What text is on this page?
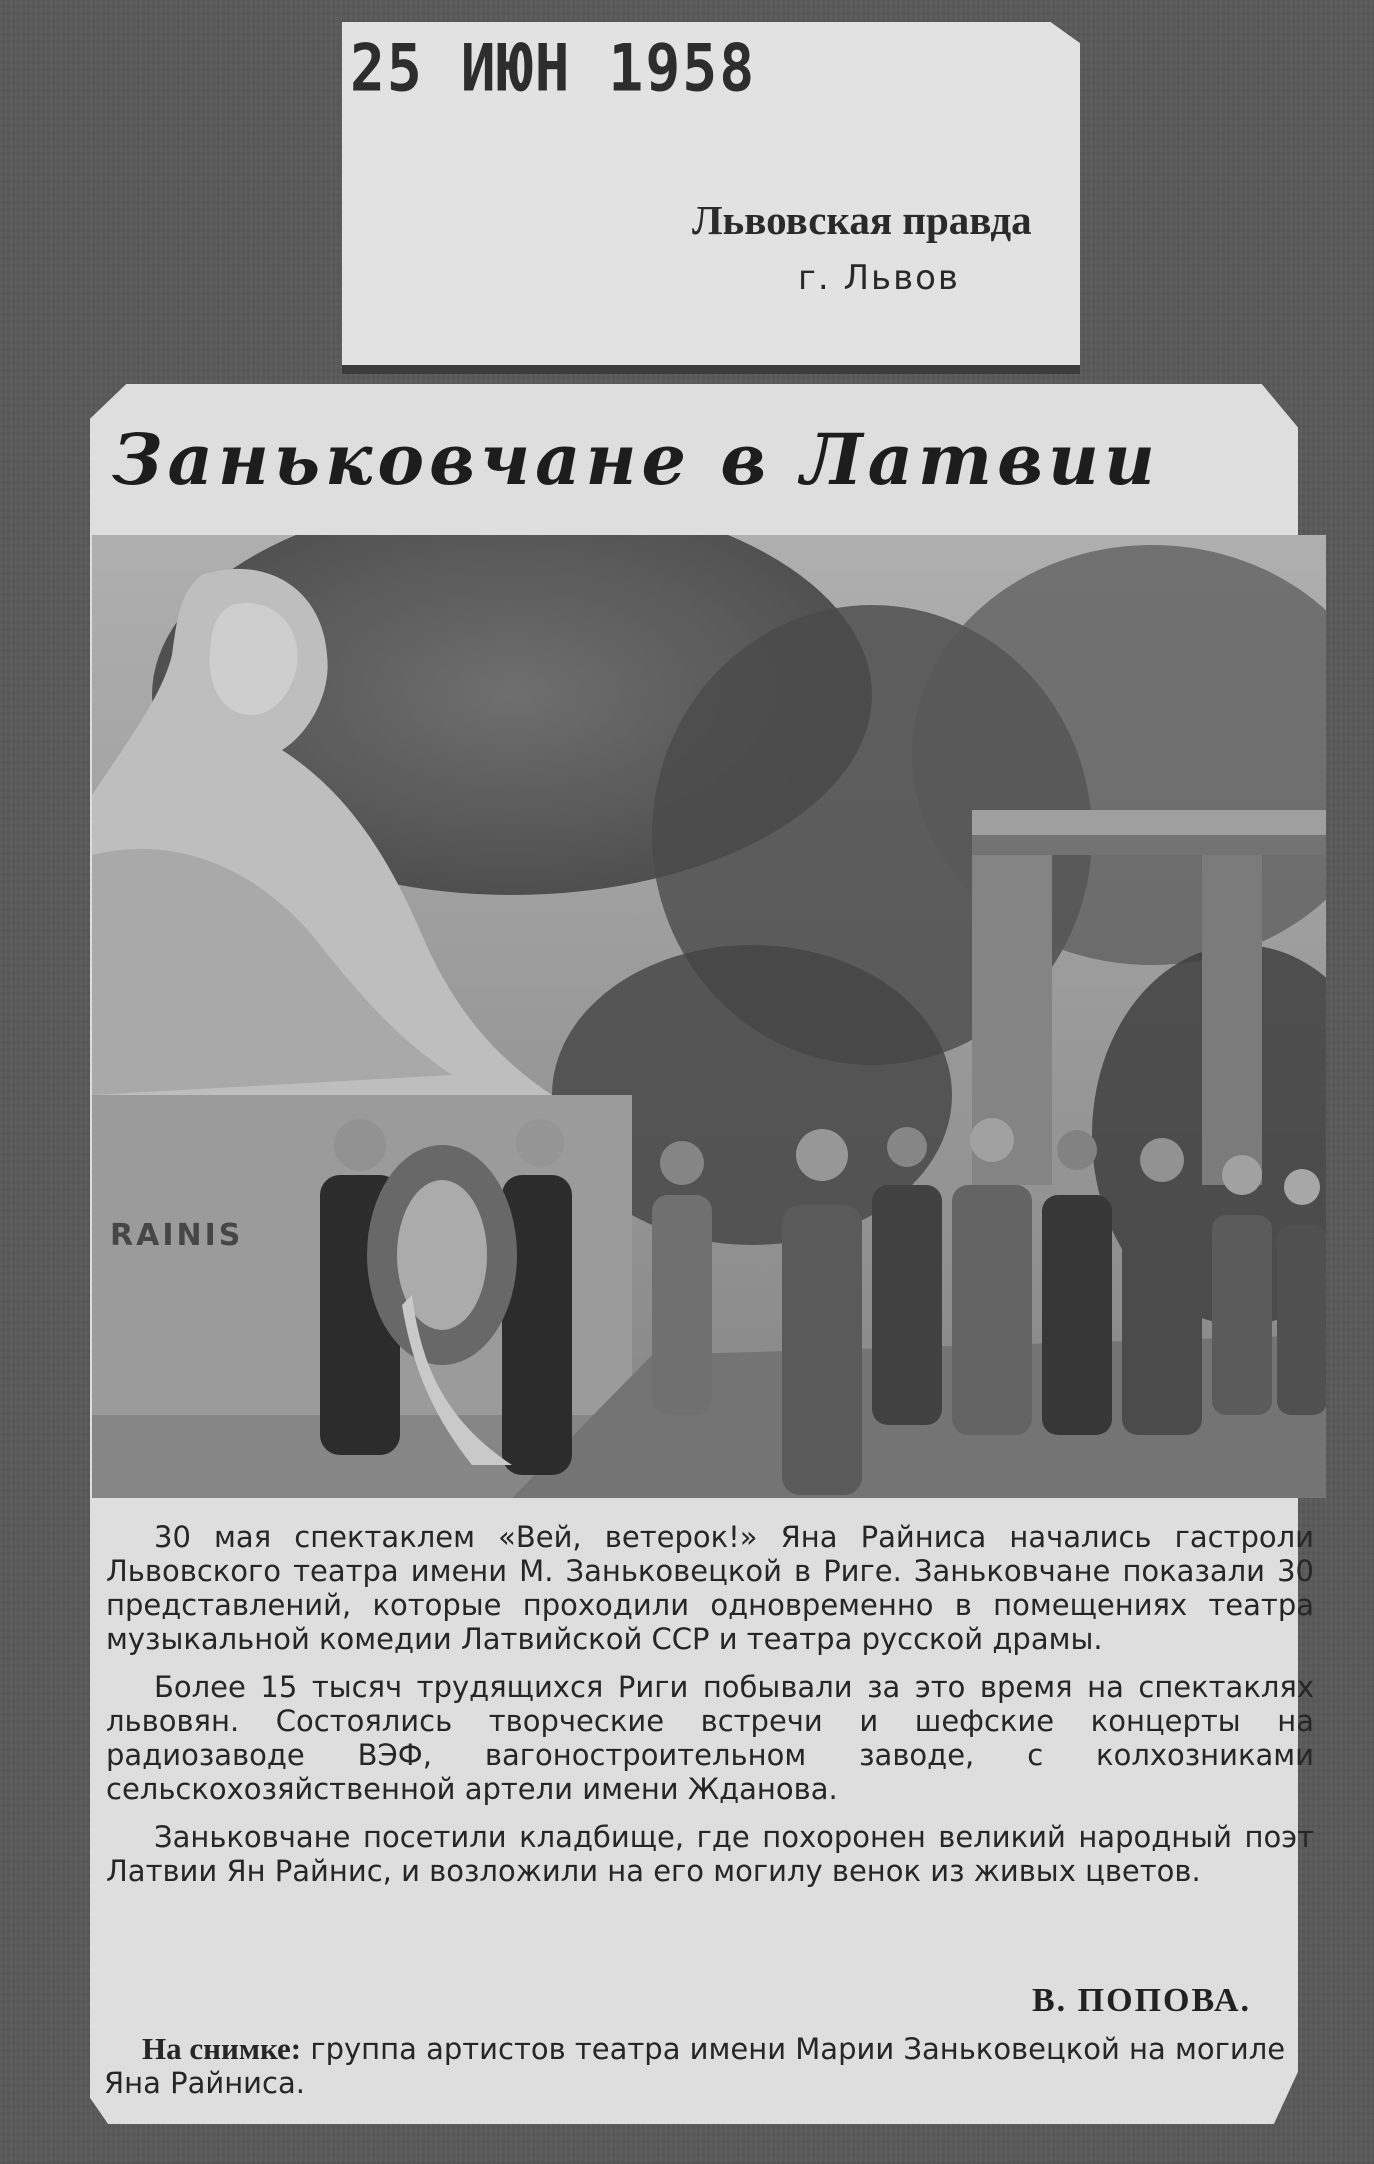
25 ИЮН 1958
Львовская правда
г. Львов
Заньковчане в Латвии
RAINIS

30 мая спектаклем «Вей, ветерок!» Яна Райниса начались гастроли Львовского театра имени М. Заньковецкой в Риге. Заньковчане показали 30 представлений, которые проходили одновременно в помещениях театра музыкальной комедии Латвийской ССР и театра русской драмы.

Более 15 тысяч трудящихся Риги побывали за это время на спектаклях львовян. Состоялись творческие встречи и шефские концерты на радиозаводе ВЭФ, вагоностроительном заводе, с колхозниками сельскохозяйственной артели имени Жданова.

Заньковчане посетили кладбище, где похоронен великий народный поэт Латвии Ян Райнис, и возложили на его могилу венок из живых цветов.

В. ПОПОВА.
На снимке: группа артистов театра имени Марии Заньковецкой на могиле Яна Райниса.
